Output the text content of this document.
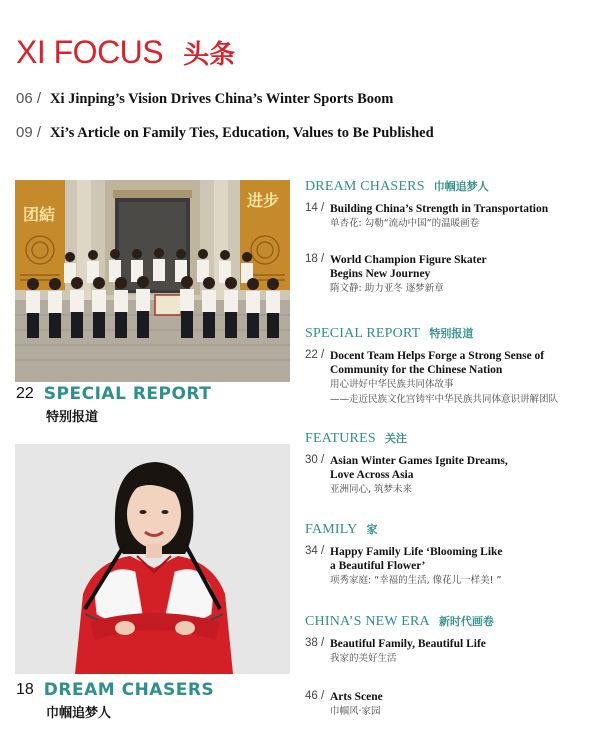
XI FOCUS 头条
06 / Xi Jinping’s Vision Drives China’s Winter Sports Boom
09 / Xi’s Article on Family Ties, Education, Values to Be Published
团結
进步
22 SPECIAL REPORT
特别报道
18 DREAM CHASERS
巾帼追梦人
DREAM CHASERS 巾帼追梦人
14 / Building China’s Strength in Transportation
单杏花: 勾勒“流动中国”的温暖画卷
18 / World Champion Figure Skater
Begins New Journey
隋文静: 助力亚冬 逐梦新章
SPECIAL REPORT 特别报道
22 / Docent Team Helps Forge a Strong Sense of
Community for the Chinese Nation
用心讲好中华民族共同体故事
——走近民族文化宫铸牢中华民族共同体意识讲解团队
FEATURES 关注
30 / Asian Winter Games Ignite Dreams,
Love Across Asia
亚洲同心, 筑梦未来
FAMILY 家
34 / Happy Family Life ‘Blooming Like
a Beautiful Flower’
项秀家庭: “幸福的生活, 像花儿一样美! ”
CHINA’S NEW ERA 新时代画卷
38 / Beautiful Family, Beautiful Life
我家的美好生活
46 / Arts Scene
巾帼风·家园
